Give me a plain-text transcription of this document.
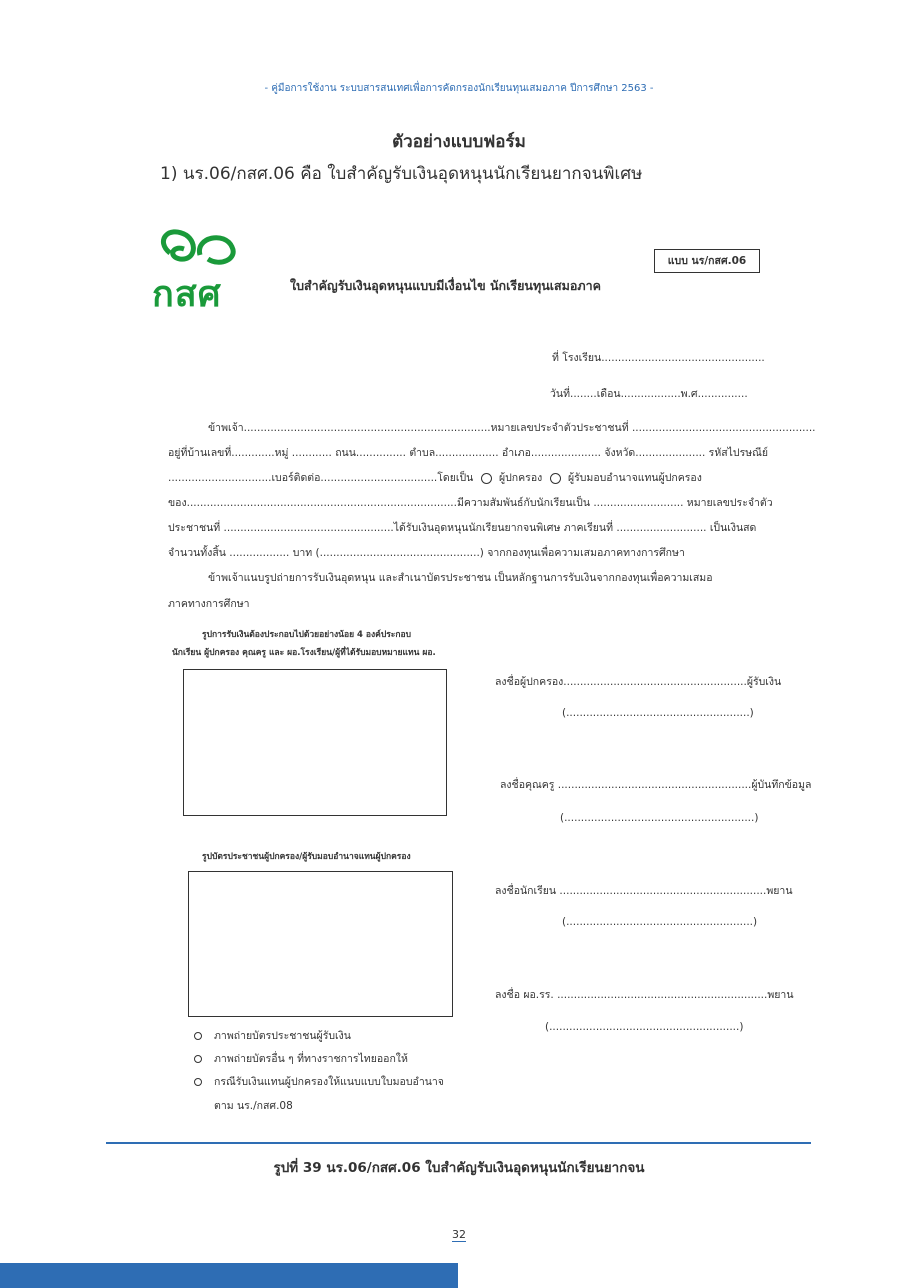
- คู่มือการใช้งาน ระบบสารสนเทศเพื่อการคัดกรองนักเรียนทุนเสมอภาค ปีการศึกษา 2563 -
ตัวอย่างแบบฟอร์ม
1) นร.06/กสศ.06 คือ ใบสำคัญรับเงินอุดหนุนนักเรียนยากจนพิเศษ
กสศ
แบบ นร/กสศ.06
ใบสำคัญรับเงินอุดหนุนแบบมีเงื่อนไข นักเรียนทุนเสมอภาค
ที่ โรงเรียน.................................................
วันที่........เดือน..................พ.ศ...............
ข้าพเจ้า..........................................................................หมายเลขประจำตัวประชาชนที่ .......................................................
อยู่ที่บ้านเลขที่.............หมู่ ............ ถนน............... ตำบล................... อำเภอ..................... จังหวัด..................... รหัสไปรษณีย์
...............................เบอร์ติดต่อ...................................โดยเป็น ผู้ปกครอง ผู้รับมอบอำนาจแทนผู้ปกครอง
ของ.................................................................................มีความสัมพันธ์กับนักเรียนเป็น ........................... หมายเลขประจำตัว
ประชาชนที่ ...................................................ได้รับเงินอุดหนุนนักเรียนยากจนพิเศษ ภาคเรียนที่ ........................... เป็นเงินสด
จำนวนทั้งสิ้น .................. บาท (................................................) จากกองทุนเพื่อความเสมอภาคทางการศึกษา
ข้าพเจ้าแนบรูปถ่ายการรับเงินอุดหนุน และสำเนาบัตรประชาชน เป็นหลักฐานการรับเงินจากกองทุนเพื่อความเสมอ
ภาคทางการศึกษา
รูปการรับเงินต้องประกอบไปด้วยอย่างน้อย 4 องค์ประกอบ
นักเรียน ผู้ปกครอง คุณครู และ ผอ.โรงเรียน/ผู้ที่ได้รับมอบหมายแทน ผอ.
รูปบัตรประชาชนผู้ปกครอง/ผู้รับมอบอำนาจแทนผู้ปกครอง
ลงชื่อผู้ปกครอง.......................................................ผู้รับเงิน
(.......................................................)
ลงชื่อคุณครู ..........................................................ผู้บันทึกข้อมูล
(.........................................................)
ลงชื่อนักเรียน ..............................................................พยาน
(........................................................)
ลงชื่อ ผอ.รร. ...............................................................พยาน
(.........................................................)
ภาพถ่ายบัตรประชาชนผู้รับเงิน
ภาพถ่ายบัตรอื่น ๆ ที่ทางราชการไทยออกให้
กรณีรับเงินแทนผู้ปกครองให้แนบแบบใบมอบอำนาจ
ตาม นร./กสศ.08
รูปที่ 39 นร.06/กสศ.06 ใบสำคัญรับเงินอุดหนุนนักเรียนยากจน
32
